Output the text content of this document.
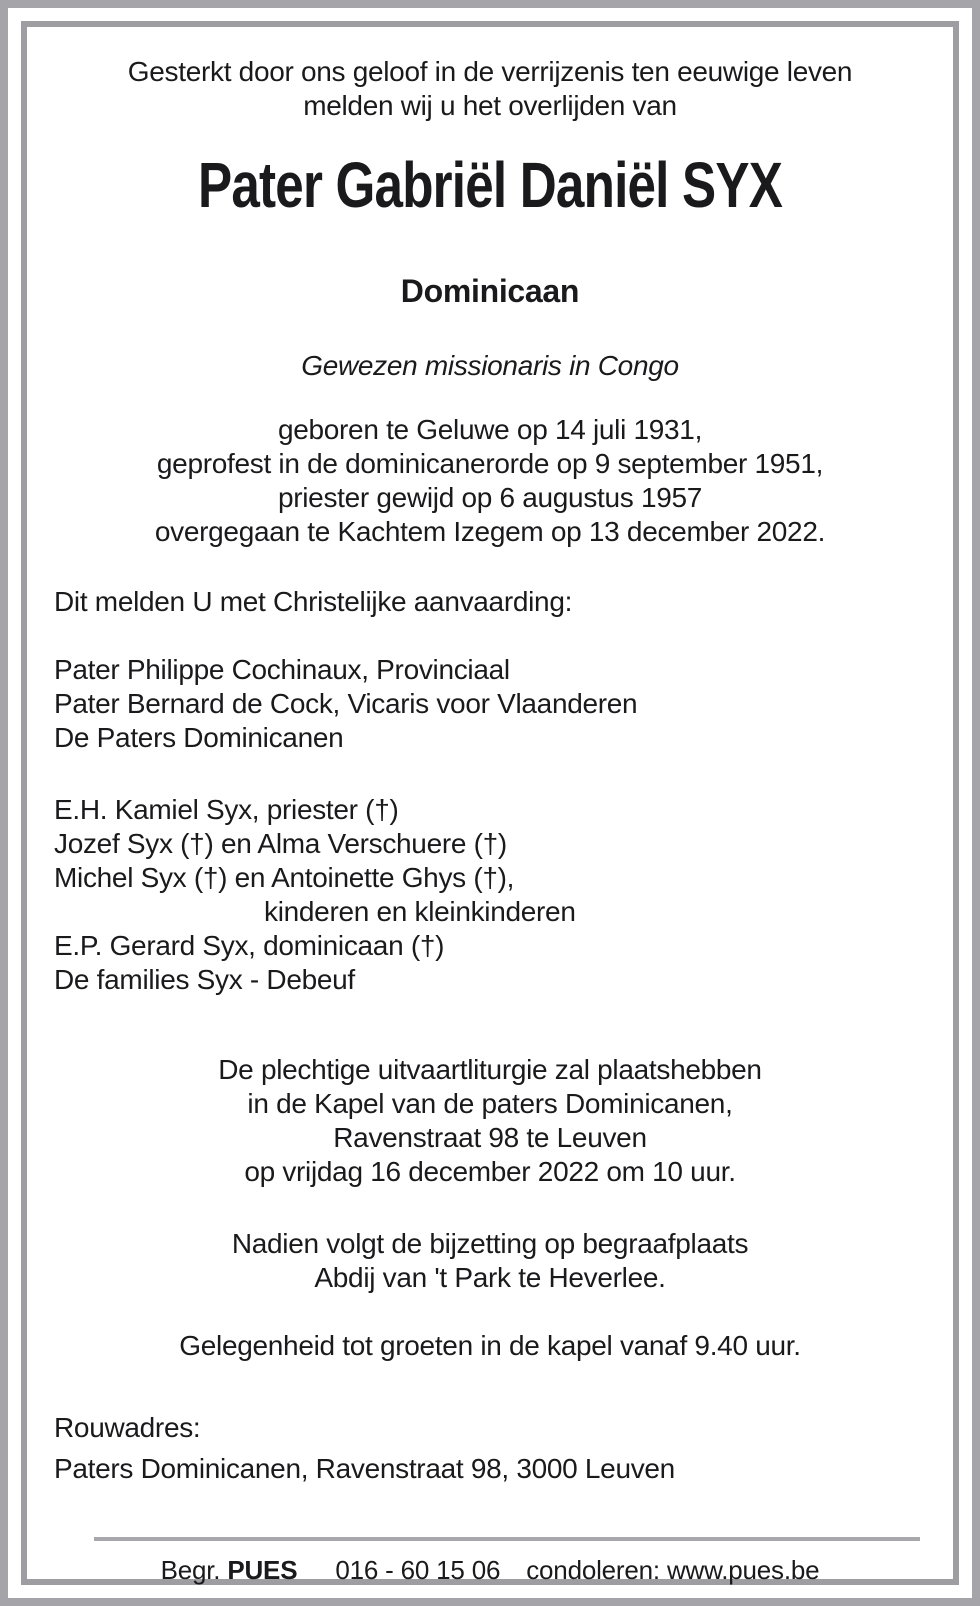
Gesterkt door ons geloof in de verrijzenis ten eeuwige leven
melden wij u het overlijden van
Pater Gabriël Daniël SYX
Dominicaan
Gewezen missionaris in Congo
geboren te Geluwe op 14 juli 1931,
geprofest in de dominicanerorde op 9 september 1951,
priester gewijd op 6 augustus 1957
overgegaan te Kachtem Izegem op 13 december 2022.
Dit melden U met Christelijke aanvaarding:
Pater Philippe Cochinaux, Provinciaal
Pater Bernard de Cock, Vicaris voor Vlaanderen
De Paters Dominicanen
E.H. Kamiel Syx, priester (†)
Jozef Syx (†) en Alma Verschuere (†)
Michel Syx (†) en Antoinette Ghys (†),
kinderen en kleinkinderen
E.P. Gerard Syx, dominicaan (†)
De families Syx - Debeuf
De plechtige uitvaartliturgie zal plaatshebben
in de Kapel van de paters Dominicanen,
Ravenstraat 98 te Leuven
op vrijdag 16 december 2022 om 10 uur.
Nadien volgt de bijzetting op begraafplaats
Abdij van 't Park te Heverlee.
Gelegenheid tot groeten in de kapel vanaf 9.40 uur.
Rouwadres:
Paters Dominicanen, Ravenstraat 98, 3000 Leuven
Begr. PUES 016 - 60 15 06 condoleren: www.pues.be
